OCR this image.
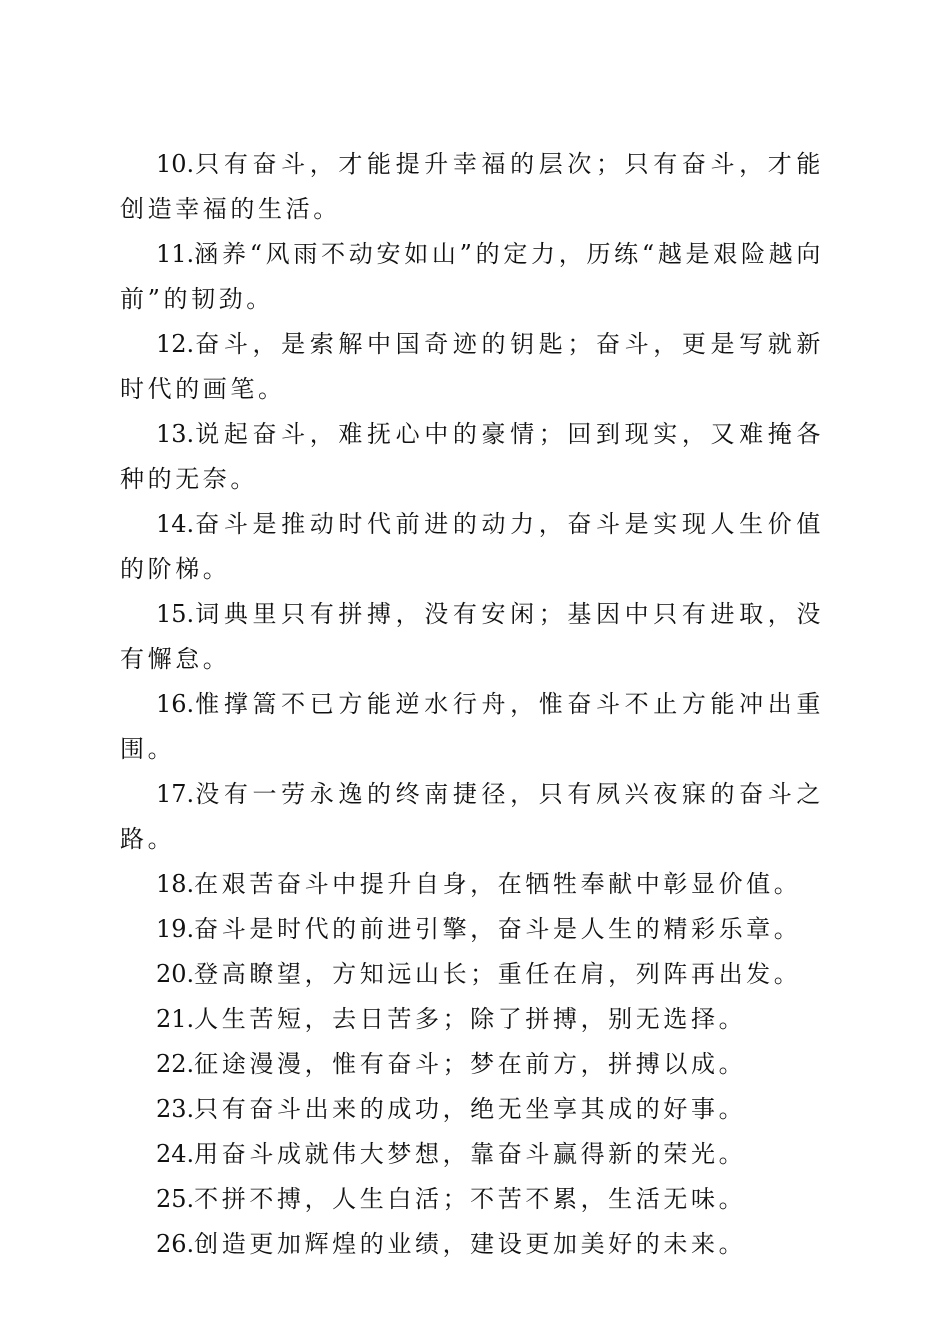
10.只有奋斗，才能提升幸福的层次；只有奋斗，才能创造幸福的生活。

11.涵养“风雨不动安如山”的定力，历练“越是艰险越向前”的韧劲。

12.奋斗，是索解中国奇迹的钥匙；奋斗，更是写就新时代的画笔。

13.说起奋斗，难抚心中的豪情；回到现实，又难掩各种的无奈。

14.奋斗是推动时代前进的动力，奋斗是实现人生价值的阶梯。

15.词典里只有拼搏，没有安闲；基因中只有进取，没有懈怠。

16.惟撑篙不已方能逆水行舟，惟奋斗不止方能冲出重围。

17.没有一劳永逸的终南捷径，只有夙兴夜寐的奋斗之路。

18.在艰苦奋斗中提升自身，在牺牲奉献中彰显价值。

19.奋斗是时代的前进引擎，奋斗是人生的精彩乐章。

20.登高瞭望，方知远山长；重任在肩，列阵再出发。

21.人生苦短，去日苦多；除了拼搏，别无选择。

22.征途漫漫，惟有奋斗；梦在前方，拼搏以成。

23.只有奋斗出来的成功，绝无坐享其成的好事。

24.用奋斗成就伟大梦想，靠奋斗赢得新的荣光。

25.不拼不搏，人生白活；不苦不累，生活无味。

26.创造更加辉煌的业绩，建设更加美好的未来。
